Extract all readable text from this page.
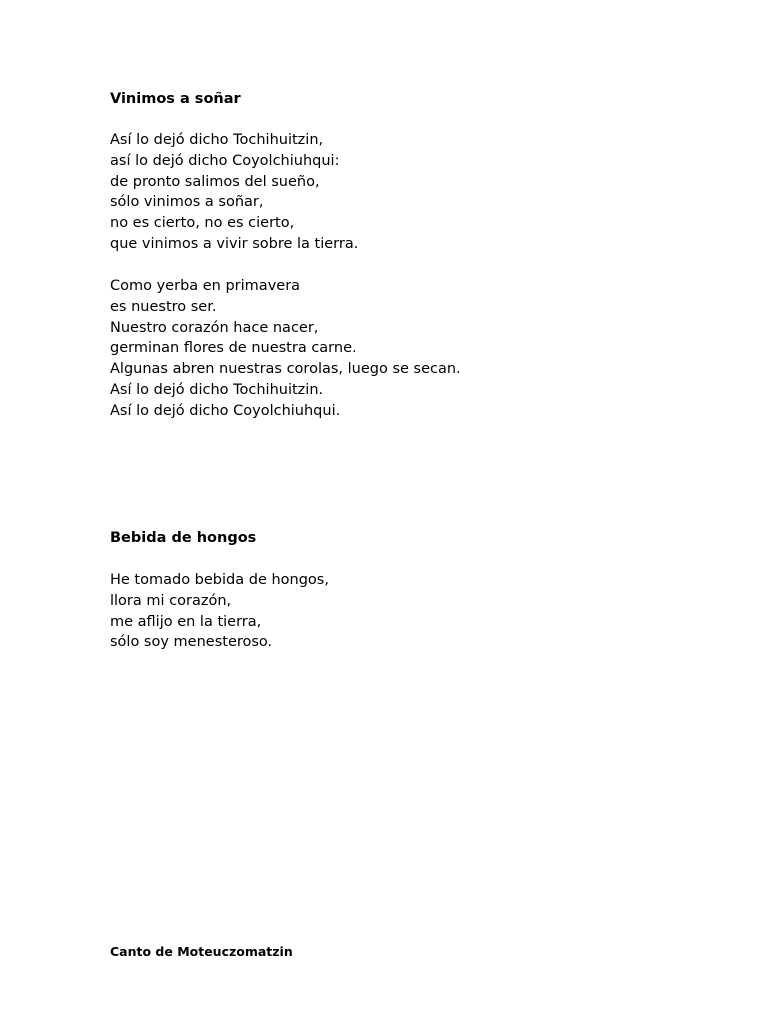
Vinimos a soñar

Así lo dejó dicho Tochihuitzin,
así lo dejó dicho Coyolchiuhqui:
de pronto salimos del sueño,
sólo vinimos a soñar,
no es cierto, no es cierto,
que vinimos a vivir sobre la tierra.

Como yerba en primavera
es nuestro ser.
Nuestro corazón hace nacer,
germinan flores de nuestra carne.
Algunas abren nuestras corolas, luego se secan.
Así lo dejó dicho Tochihuitzin.
Así lo dejó dicho Coyolchiuhqui.

Bebida de hongos

He tomado bebida de hongos,
llora mi corazón,
me aflijo en la tierra,
sólo soy menesteroso.

Canto de Moteuczomatzin
